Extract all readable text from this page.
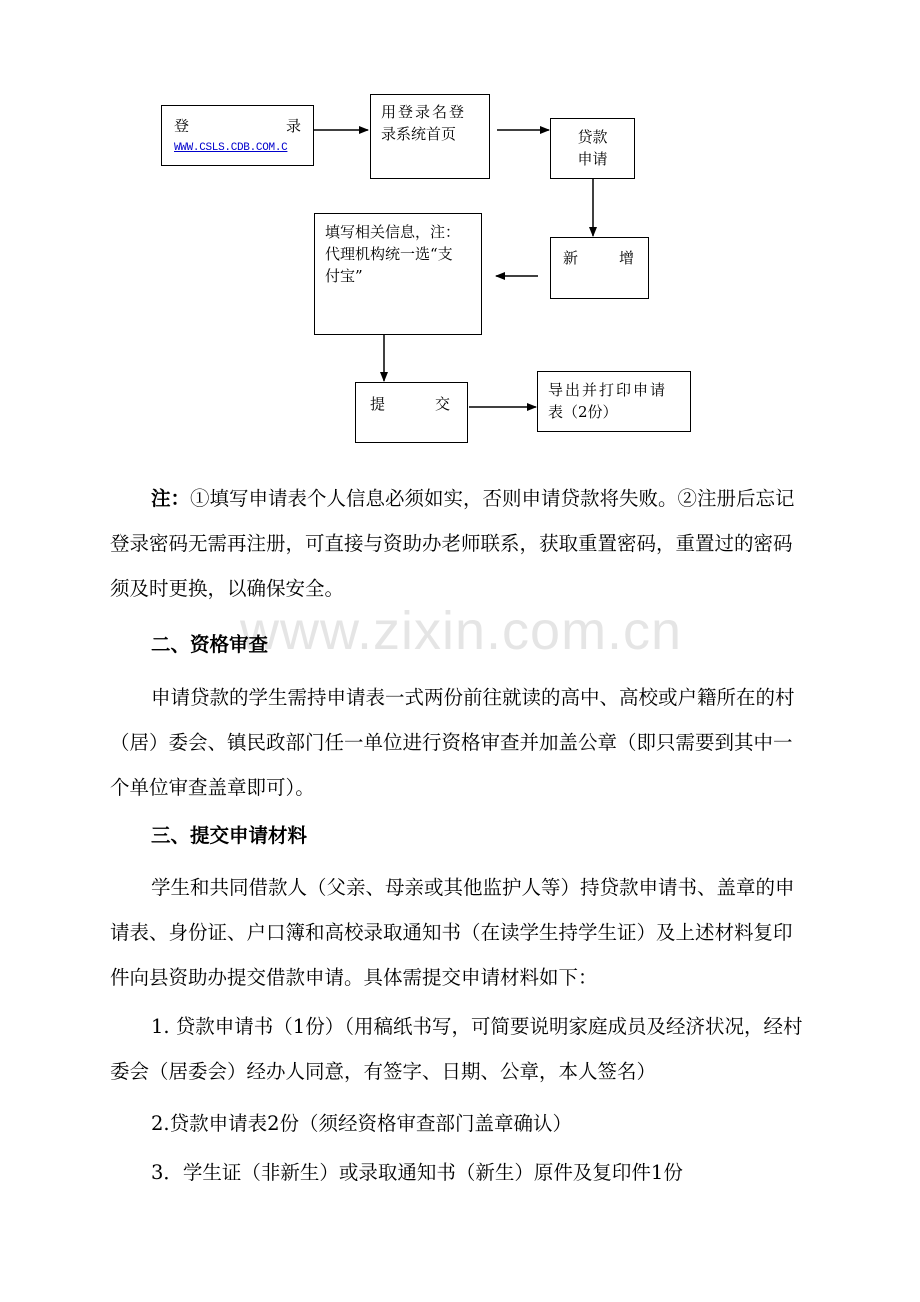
登	录
WWW.CSLS.CDB.COM.C
用登录名登
录系统首页	贷款
申请
填写相关信息，注：
代理机构统一选“支
付宝”
新	增
提	交
导出并打印申请
表（2份）
www.zixin.com.cn

注：①填写申请表个人信息必须如实，否则申请贷款将失败。②注册后忘记登录密码无需再注册，可直接与资助办老师联系，获取重置密码，重置过的密码须及时更换，以确保安全。

二、资格审查

申请贷款的学生需持申请表一式两份前往就读的高中、高校或户籍所在的村（居）委会、镇民政部门任一单位进行资格审查并加盖公章（即只需要到其中一个单位审查盖章即可）。

三、提交申请材料

学生和共同借款人（父亲、母亲或其他监护人等）持贷款申请书、盖章的申请表、身份证、户口簿和高校录取通知书（在读学生持学生证）及上述材料复印件向县资助办提交借款申请。具体需提交申请材料如下：

1. 贷款申请书（1份）（用稿纸书写，可简要说明家庭成员及经济状况，经村委会（居委会）经办人同意，有签字、日期、公章，本人签名）

2.贷款申请表2份（须经资格审查部门盖章确认）

3．学生证（非新生）或录取通知书（新生）原件及复印件1份
